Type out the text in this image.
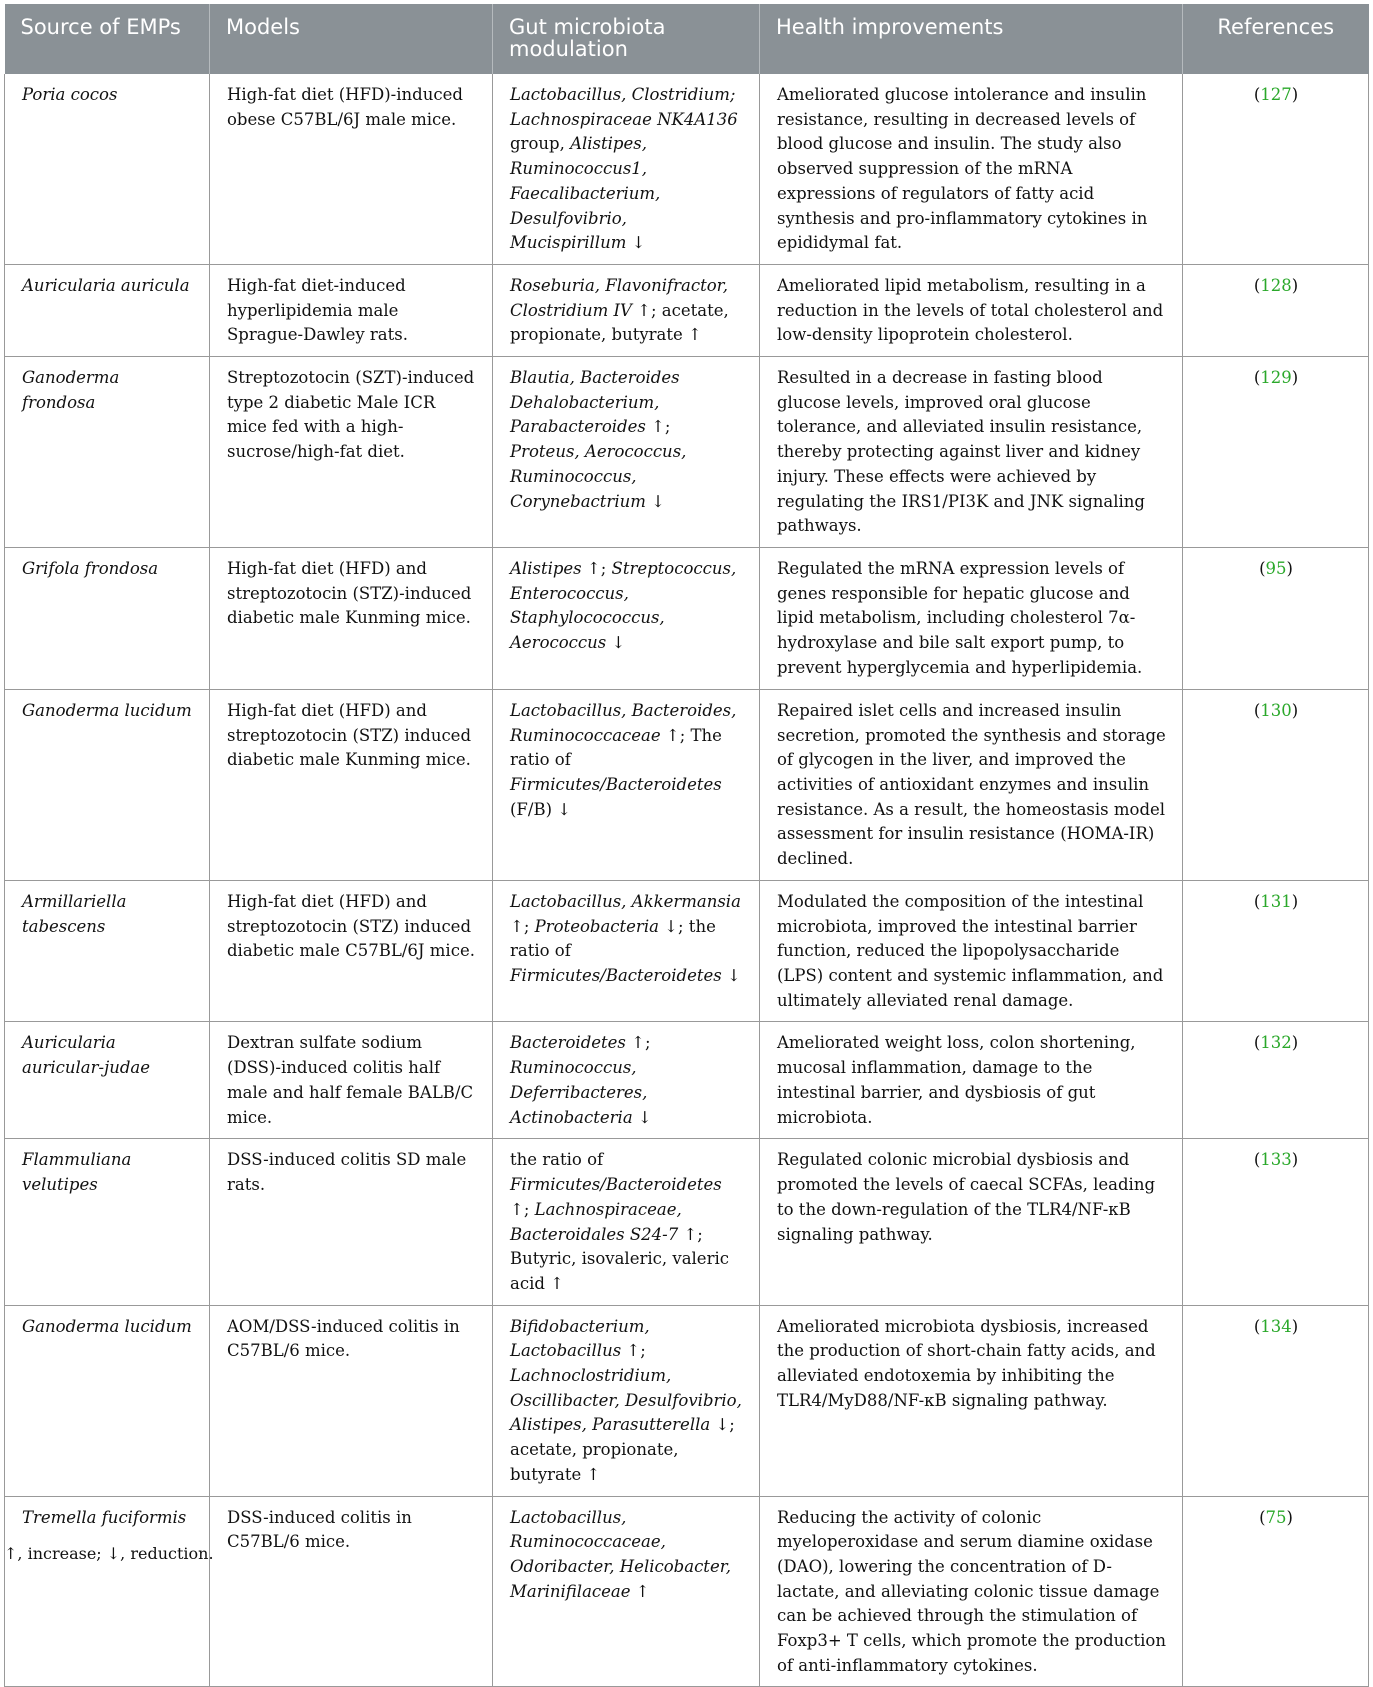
Source of EMPs	Models	Gut microbiota modulation	Health improvements	References
Poria cocos	High-fat diet (HFD)-induced obese C57BL/6J male mice.	Lactobacillus, Clostridium; Lachnospiraceae NK4A136 group, Alistipes, Ruminococcus1, Faecalibacterium, Desulfovibrio, Mucispirillum ↓	Ameliorated glucose intolerance and insulin resistance, resulting in decreased levels of blood glucose and insulin. The study also observed suppression of the mRNA expressions of regulators of fatty acid synthesis and pro-inflammatory cytokines in epididymal fat.	(127)
Auricularia auricula	High-fat diet-induced hyperlipidemia male Sprague-Dawley rats.	Roseburia, Flavonifractor, Clostridium IV ↑; acetate, propionate, butyrate ↑	Ameliorated lipid metabolism, resulting in a reduction in the levels of total cholesterol and low-density lipoprotein cholesterol.	(128)
Ganoderma frondosa	Streptozotocin (SZT)-induced type 2 diabetic Male ICR mice fed with a high-sucrose/high-fat diet.	Blautia, Bacteroides Dehalobacterium, Parabacteroides ↑; Proteus, Aerococcus, Ruminococcus, Corynebactrium ↓	Resulted in a decrease in fasting blood glucose levels, improved oral glucose tolerance, and alleviated insulin resistance, thereby protecting against liver and kidney injury. These effects were achieved by regulating the IRS1/PI3K and JNK signaling pathways.	(129)
Grifola frondosa	High-fat diet (HFD) and streptozotocin (STZ)-induced diabetic male Kunming mice.	Alistipes ↑; Streptococcus, Enterococcus, Staphylocococcus, Aerococcus ↓	Regulated the mRNA expression levels of genes responsible for hepatic glucose and lipid metabolism, including cholesterol 7α-hydroxylase and bile salt export pump, to prevent hyperglycemia and hyperlipidemia.	(95)
Ganoderma lucidum	High-fat diet (HFD) and streptozotocin (STZ) induced diabetic male Kunming mice.	Lactobacillus, Bacteroides, Ruminococcaceae ↑; The ratio of Firmicutes/Bacteroidetes (F/B) ↓	Repaired islet cells and increased insulin secretion, promoted the synthesis and storage of glycogen in the liver, and improved the activities of antioxidant enzymes and insulin resistance. As a result, the homeostasis model assessment for insulin resistance (HOMA-IR) declined.	(130)
Armillariella tabescens	High-fat diet (HFD) and streptozotocin (STZ) induced diabetic male C57BL/6J mice.	Lactobacillus, Akkermansia ↑; Proteobacteria ↓; the ratio of Firmicutes/Bacteroidetes ↓	Modulated the composition of the intestinal microbiota, improved the intestinal barrier function, reduced the lipopolysaccharide (LPS) content and systemic inflammation, and ultimately alleviated renal damage.	(131)
Auricularia auricular-judae	Dextran sulfate sodium (DSS)-induced colitis half male and half female BALB/C mice.	Bacteroidetes ↑; Ruminococcus, Deferribacteres, Actinobacteria ↓	Ameliorated weight loss, colon shortening, mucosal inflammation, damage to the intestinal barrier, and dysbiosis of gut microbiota.	(132)
Flammuliana velutipes	DSS-induced colitis SD male rats.	the ratio of Firmicutes/Bacteroidetes ↑; Lachnospiraceae, Bacteroidales S24-7 ↑; Butyric, isovaleric, valeric acid ↑	Regulated colonic microbial dysbiosis and promoted the levels of caecal SCFAs, leading to the down-regulation of the TLR4/NF-κB signaling pathway.	(133)
Ganoderma lucidum	AOM/DSS-induced colitis in C57BL/6 mice.	Bifidobacterium, Lactobacillus ↑; Lachnoclostridium, Oscillibacter, Desulfovibrio, Alistipes, Parasutterella ↓; acetate, propionate, butyrate ↑	Ameliorated microbiota dysbiosis, increased the production of short-chain fatty acids, and alleviated endotoxemia by inhibiting the TLR4/MyD88/NF-κB signaling pathway.	(134)
Tremella fuciformis	DSS-induced colitis in C57BL/6 mice.	Lactobacillus, Ruminococcaceae, Odoribacter, Helicobacter, Marinifilaceae ↑	Reducing the activity of colonic myeloperoxidase and serum diamine oxidase (DAO), lowering the concentration of D-lactate, and alleviating colonic tissue damage can be achieved through the stimulation of Foxp3+ T cells, which promote the production of anti-inflammatory cytokines.	(75)
↑, increase; ↓, reduction.
